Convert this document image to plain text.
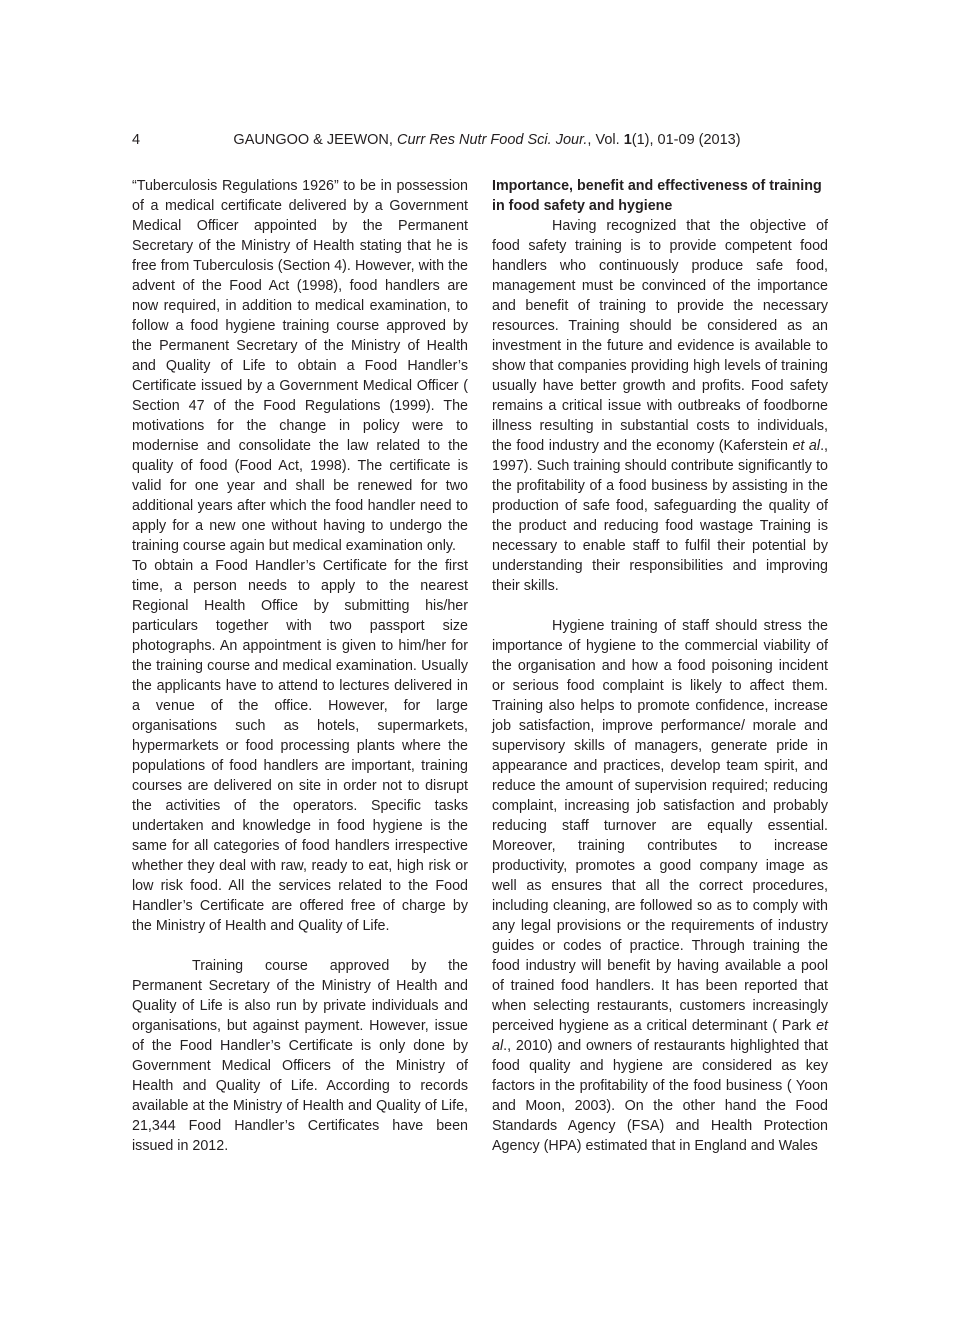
4	GAUNGOO & JEEWON, Curr Res Nutr Food Sci. Jour., Vol. 1(1), 01-09 (2013)

“Tuberculosis Regulations 1926” to be in possession of a medical certificate delivered by a Government Medical Officer appointed by the Permanent Secretary of the Ministry of Health stating that he is free from Tuberculosis (Section 4). However, with the advent of the Food Act (1998), food handlers are now required, in addition to medical examination, to follow a food hygiene training course approved by the Permanent Secretary of the Ministry of Health and Quality of Life to obtain a Food Handler’s Certificate issued by a Government Medical Officer ( Section 47 of the Food Regulations (1999). The motivations for the change in policy were to modernise and consolidate the law related to the quality of food (Food Act, 1998). The certificate is valid for one year and shall be renewed for two additional years after which the food handler need to apply for a new one without having to undergo the training course again but medical examination only.

To obtain a Food Handler’s Certificate for the first time, a person needs to apply to the nearest Regional Health Office by submitting his/her particulars together with two passport size photographs. An appointment is given to him/her for the training course and medical examination. Usually the applicants have to attend to lectures delivered in a venue of the office. However, for large organisations such as hotels, supermarkets, hypermarkets or food processing plants where the populations of food handlers are important, training courses are delivered on site in order not to disrupt the activities of the operators. Specific tasks undertaken and knowledge in food hygiene is the same for all categories of food handlers irrespective whether they deal with raw, ready to eat, high risk or low risk food. All the services related to the Food Handler’s Certificate are offered free of charge by the Ministry of Health and Quality of Life.

Training course approved by the Permanent Secretary of the Ministry of Health and Quality of Life is also run by private individuals and organisations, but against payment. However, issue of the Food Handler’s Certificate is only done by Government Medical Officers of the Ministry of Health and Quality of Life. According to records available at the Ministry of Health and Quality of Life, 21,344 Food Handler’s Certificates have been issued in 2012.

Importance, benefit and effectiveness of training in food safety and hygiene

Having recognized that the objective of food safety training is to provide competent food handlers who continuously produce safe food, management must be convinced of the importance and benefit of training to provide the necessary resources. Training should be considered as an investment in the future and evidence is available to show that companies providing high levels of training usually have better growth and profits. Food safety remains a critical issue with outbreaks of foodborne illness resulting in substantial costs to individuals, the food industry and the economy (Kaferstein et al., 1997). Such training should contribute significantly to the profitability of a food business by assisting in the production of safe food, safeguarding the quality of the product and reducing food wastage Training is necessary to enable staff to fulfil their potential by understanding their responsibilities and improving their skills.

Hygiene training of staff should stress the importance of hygiene to the commercial viability of the organisation and how a food poisoning incident or serious food complaint is likely to affect them. Training also helps to promote confidence, increase job satisfaction, improve performance/ morale and supervisory skills of managers, generate pride in appearance and practices, develop team spirit, and reduce the amount of supervision required; reducing complaint, increasing job satisfaction and probably reducing staff turnover are equally essential. Moreover, training contributes to increase productivity, promotes a good company image as well as ensures that all the correct procedures, including cleaning, are followed so as to comply with any legal provisions or the requirements of industry guides or codes of practice. Through training the food industry will benefit by having available a pool of trained food handlers. It has been reported that when selecting restaurants, customers increasingly perceived hygiene as a critical determinant ( Park et al., 2010) and owners of restaurants highlighted that food quality and hygiene are considered as key factors in the profitability of the food business ( Yoon and Moon, 2003). On the other hand the Food Standards Agency (FSA) and Health Protection Agency (HPA) estimated that in England and Wales
